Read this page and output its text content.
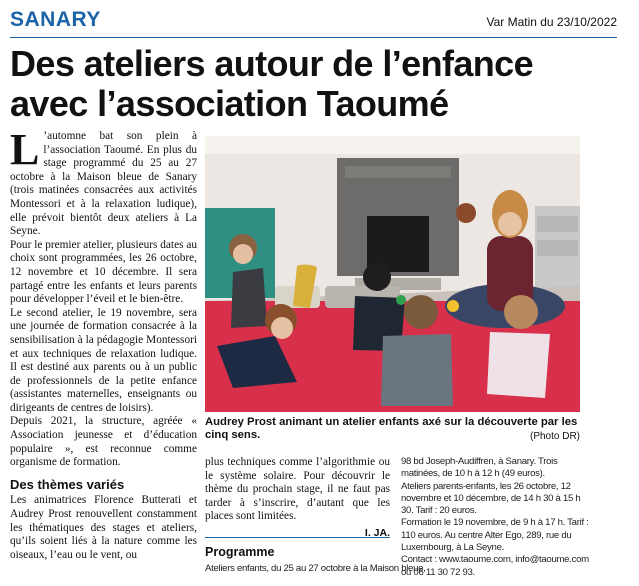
SANARY	Var Matin du 23/10/2022
Des ateliers autour de l’enfance
avec l’association Taoumé

L ’automne bat son plein à l’association Taoumé. En plus du stage programmé du 25 au 27 octobre à la Maison bleue de Sanary (trois matinées consacrées aux activités Montessori et à la relaxation ludique), elle prévoit bientôt deux ateliers à La Seyne.

Pour le premier atelier, plusieurs dates au choix sont programmées, les 26 octobre, 12 novembre et 10 décembre. Il sera partagé entre les enfants et leurs parents pour développer l’éveil et le bien-être.

Le second atelier, le 19 novembre, sera une journée de formation consacrée à la sensibilisation à la pédagogie Montessori et aux techniques de relaxation ludique. Il est destiné aux parents ou à un public de professionnels de la petite enfance (assistantes maternelles, enseignants ou dirigeants de centres de loisirs).

Depuis 2021, la structure, agréée « Association jeunesse et d’éducation populaire », est reconnue comme organisme de formation.

Des thèmes variés

Les animatrices Florence Butterati et Audrey Prost renouvellent constamment les thématiques des stages et ateliers, qu’ils soient liés à la nature comme les oiseaux, l’eau ou le vent, ou

Audrey Prost animant un atelier enfants axé sur la découverte par les cinq sens.	(Photo DR)

plus techniques comme l’algorithmie ou le système solaire. Pour découvrir le thème du prochain stage, il ne faut pas tarder à s’inscrire, d’autant que les places sont limitées.

I. JA.

Programme
Ateliers enfants, du 25 au 27 octobre à la Maison bleue,

98 bd Joseph-Audiffren, à Sanary. Trois matinées, de 10 h à 12 h (49 euros).

Ateliers parents-enfants, les 26 octobre, 12 novembre et 10 décembre, de 14 h 30 à 15 h 30. Tarif : 20 euros.

Formation le 19 novembre, de 9 h à 17 h. Tarif : 110 euros. Au centre Alter Ego, 289, rue du Luxembourg, à La Seyne.

Contact : www.taoume.com, info@taoume.com ou 06 11 30 72 93.
